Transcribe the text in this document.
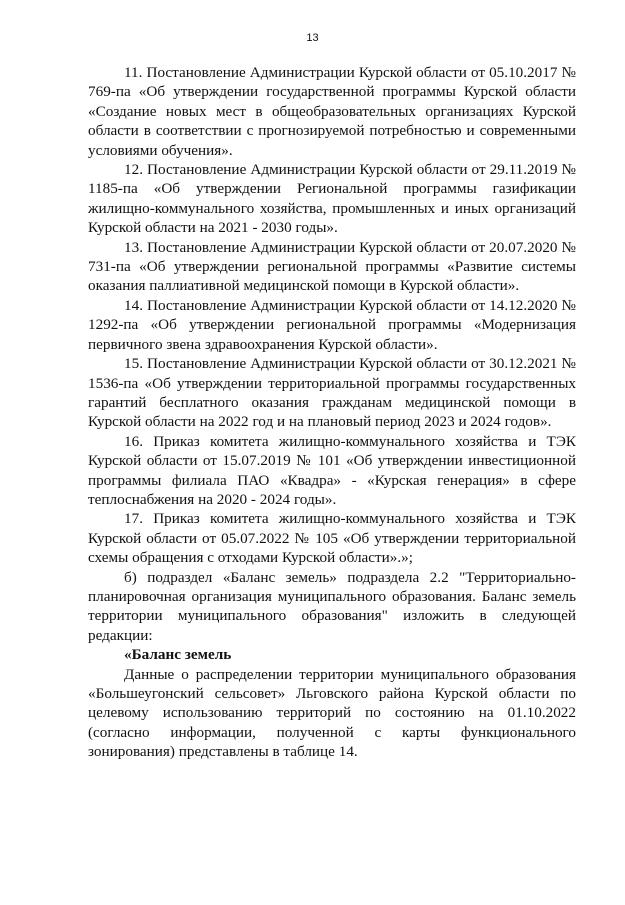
13

11. Постановление Администрации Курской области от 05.10.2017 № 769-па «Об утверждении государственной программы Курской области «Создание новых мест в общеобразовательных организациях Курской области в соответствии с прогнозируемой потребностью и современными условиями обучения».

12. Постановление Администрации Курской области от 29.11.2019 № 1185-па «Об утверждении Региональной программы газификации жилищно-коммунального хозяйства, промышленных и иных организаций Курской области на 2021 - 2030 годы».

13. Постановление Администрации Курской области от 20.07.2020 № 731-па «Об утверждении региональной программы «Развитие системы оказания паллиативной медицинской помощи в Курской области».

14. Постановление Администрации Курской области от 14.12.2020 № 1292-па «Об утверждении региональной программы «Модернизация первичного звена здравоохранения Курской области».

15. Постановление Администрации Курской области от 30.12.2021 № 1536-па «Об утверждении территориальной программы государственных гарантий бесплатного оказания гражданам медицинской помощи в Курской области на 2022 год и на плановый период 2023 и 2024 годов».

16. Приказ комитета жилищно-коммунального хозяйства и ТЭК Курской области от 15.07.2019 № 101 «Об утверждении инвестиционной программы филиала ПАО «Квадра» - «Курская генерация» в сфере теплоснабжения на 2020 - 2024 годы».

17. Приказ комитета жилищно-коммунального хозяйства и ТЭК Курской области от 05.07.2022 № 105 «Об утверждении территориальной схемы обращения с отходами Курской области».»;

б) подраздел «Баланс земель» подраздела 2.2 "Территориально-планировочная организация муниципального образования. Баланс земель территории муниципального образования" изложить в следующей редакции:

«Баланс земель

Данные о распределении территории муниципального образования «Большеугонский сельсовет» Льговского района Курской области по целевому использованию территорий по состоянию на 01.10.2022 (согласно информации, полученной с карты функционального зонирования) представлены в таблице 14.
